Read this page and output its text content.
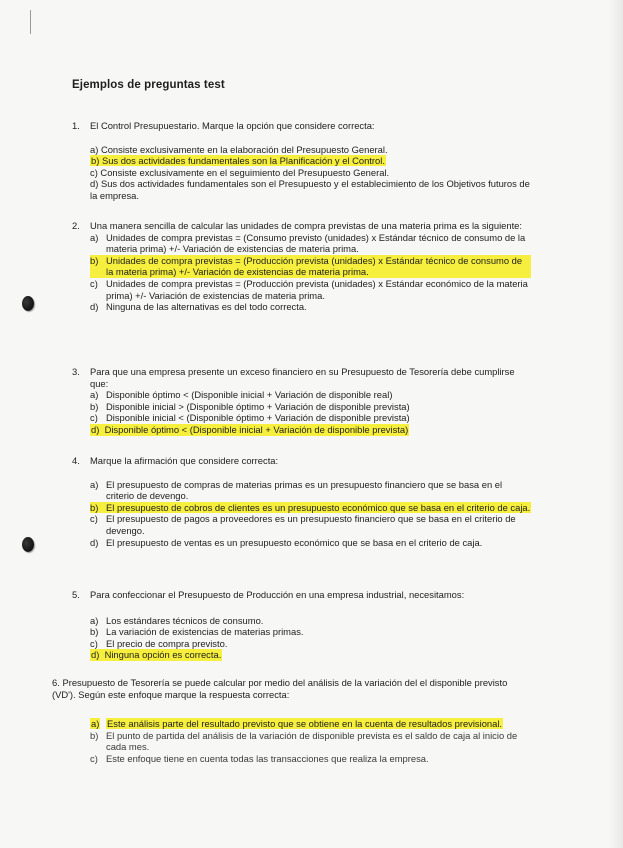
Ejemplos de preguntas test
1.	El Control Presupuestario. Marque la opción que considere correcta:
a) Consiste exclusivamente en la elaboración del Presupuesto General.
b) Sus dos actividades fundamentales son la Planificación y el Control.
c) Consiste exclusivamente en el seguimiento del Presupuesto General.
d) Sus dos actividades fundamentales son el Presupuesto y el establecimiento de los Objetivos futuros de la empresa.
2.	Una manera sencilla de calcular las unidades de compra previstas de una materia prima es la siguiente:
a) Unidades de compra previstas = (Consumo previsto (unidades) x Estándar técnico de consumo de la materia prima) +/- Variación de existencias de materia prima.
b) Unidades de compra previstas = (Producción prevista (unidades) x Estándar técnico de consumo de la materia prima) +/- Variación de existencias de materia prima.
c) Unidades de compra previstas = (Producción prevista (unidades) x Estándar económico de la materia prima) +/- Variación de existencias de materia prima.
d) Ninguna de las alternativas es del todo correcta.
3.	Para que una empresa presente un exceso financiero en su Presupuesto de Tesorería debe cumplirse que:
a) Disponible óptimo < (Disponible inicial + Variación de disponible real)
b) Disponible inicial > (Disponible óptimo + Variación de disponible prevista)
c) Disponible inicial < (Disponible óptimo + Variación de disponible prevista)
d) Disponible óptimo < (Disponible inicial + Variación de disponible prevista)
4.	Marque la afirmación que considere correcta:
a) El presupuesto de compras de materias primas es un presupuesto financiero que se basa en el criterio de devengo.
b) El presupuesto de cobros de clientes es un presupuesto económico que se basa en el criterio de caja.
c) El presupuesto de pagos a proveedores es un presupuesto financiero que se basa en el criterio de devengo.
d) El presupuesto de ventas es un presupuesto económico que se basa en el criterio de caja.
5.	Para confeccionar el Presupuesto de Producción en una empresa industrial, necesitamos:
a) Los estándares técnicos de consumo.
b) La variación de existencias de materias primas.
c) El precio de compra previsto.
d) Ninguna opción es correcta.
6. Presupuesto de Tesorería se puede calcular por medio del análisis de la variación del el disponible previsto (VD'). Según este enfoque marque la respuesta correcta:
a) Este análisis parte del resultado previsto que se obtiene en la cuenta de resultados previsional.
b) El punto de partida del análisis de la variación de disponible prevista es el saldo de caja al inicio de cada mes.
c) Este enfoque tiene en cuenta todas las transacciones que realiza la empresa.
